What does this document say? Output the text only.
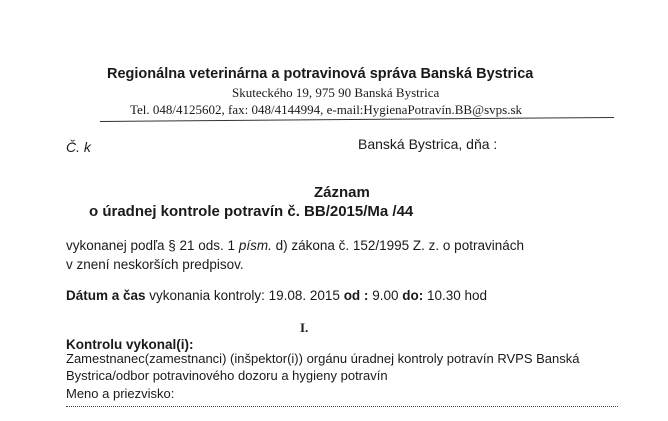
Regionálna veterinárna a potravinová správa Banská Bystrica
Skuteckého 19, 975 90 Banská Bystrica
Tel. 048/4125602, fax: 048/4144994, e-mail:HygienaPotravín.BB@svps.sk
Č. k	Banská Bystrica, dňa :
Záznam
o úradnej kontrole potravín č. BB/2015/Ma /44
vykonanej podľa § 21 ods. 1 písm. d) zákona č. 152/1995 Z. z. o potravinách
v znení neskorších predpisov.
Dátum a čas vykonania kontroly: 19.08. 2015 od : 9.00 do: 10.30 hod
I.
Kontrolu vykonal(i):
Zamestnanec(zamestnanci) (inšpektor(i)) orgánu úradnej kontroly potravín RVPS Banská
Bystrica/odbor potravinového dozoru a hygieny potravín
Meno a priezvisko:
